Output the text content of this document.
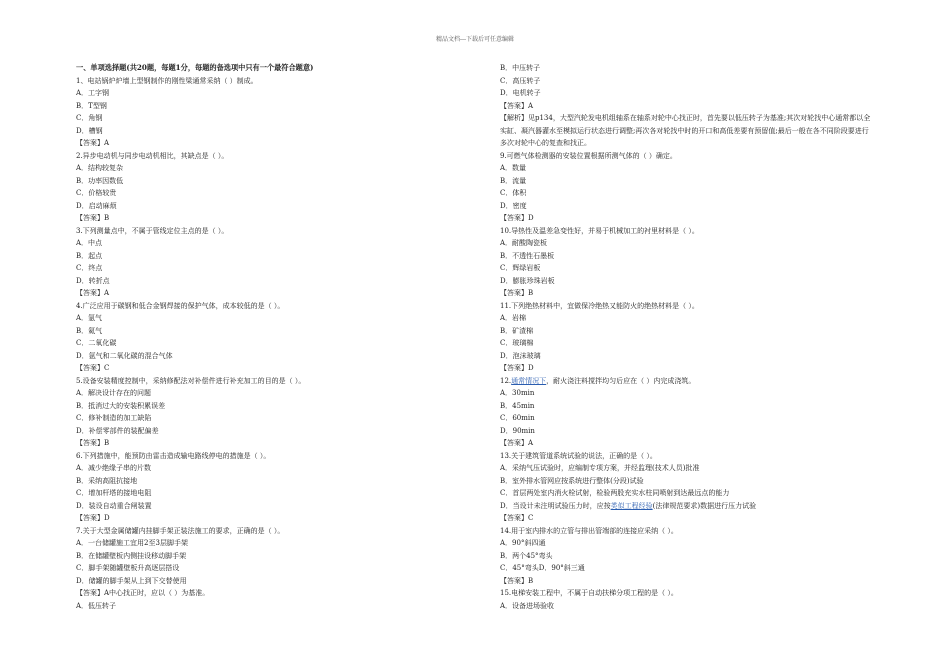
精品文档---下载后可任意编辑
一、单项选择题(共20题，每题1分，每题的备选项中只有一个最符合题意)
1、电站锅炉炉墙上型钢制作的刚性梁通常采纳（ ）制成。
A．工字钢
B．T型钢
C．角钢
D．槽钢
【答案】A
2.异步电动机与同步电动机相比，其缺点是（ ）。
A．结构较复杂
B．功率因数低
C．价格较贵
D．启动麻烦
【答案】B
3.下列测量点中，不属于管线定位主点的是（ ）。
A．中点
B．起点
C．终点
D．转折点
【答案】A
4.广泛应用于碳钢和低合金钢焊接的保护气体，成本较低的是（ ）。
A．氩气
B．氦气
C．二氧化碳
D．氩气和二氧化碳的混合气体
【答案】C
5.设备安装精度控制中，采纳修配法对补偿件进行补充加工的目的是（ ）。
A．解决设计存在的问题
B．抵消过大的安装积累误差
C．修补制造的加工缺陷
D．补偿零部件的装配偏差
【答案】B
6.下列措施中，能预防由雷击造成输电路线停电的措施是（ ）。
A．减少绝缘子串的片数
B．采纳高阻抗接地
C．增加杆塔的接地电阻
D．装设自动重合闸装置
【答案】D
7.关于大型金属储罐内挂脚手架正装法施工的要求，正确的是（ ）。
A．一台储罐施工宜用2至3层脚手架
B．在储罐壁板内侧挂设移动脚手架
C．脚手架随罐壁板升高逐层搭设
D．储罐的脚手架从上到下交替使用
【答案】A中心找正时，应以（ ）为基准。
A．低压转子
B．中压转子
C．高压转子
D．电机转子
【答案】A
【解析】见p134，大型汽轮发电机组轴系在轴系对轮中心找正时，首先要以低压转子为基准;其次对轮找中心通常都以全实缸、凝汽器灌水至模拟运行状态进行调整;再次各对轮找中时的开口和高低差要有预留值;最后一般在各不同阶段要进行多次对轮中心的复查和找正。
9.可燃气体检测器的安装位置根据所测气体的（ ）确定。
A．数量
B．流量
C．体积
D．密度
【答案】D
10.导热性及温差急变性好，并易于机械加工的衬里材料是（ ）。
A．耐酸陶瓷板
B．不透性石墨板
C．辉绿岩板
D．膨胀珍珠岩板
【答案】B
11.下列绝热材料中，宜做保冷绝热又能防火的绝热材料是（ ）。
A．岩棉
B．矿渣棉
C．玻璃棉
D．泡沫玻璃
【答案】D
12.通常情况下，耐火浇注料搅拌均匀后应在（ ）内完成浇筑。
A．30min
B．45min
C．60min
D．90min
【答案】A
13.关于建筑管道系统试验的说法，正确的是（ ）。
A．采纳气压试验时，应编制专项方案，并经监理(技术人员)批准
B．室外排水管网应按系统进行整体(分段)试验
C．首层两处室内消火栓试射，检验两股充实水柱同喷射到达最远点的能力
D．当设计未注明试验压力时，应按类似工程经验(法律规范要求)数据进行压力试验
【答案】C
14.用于室内排水的立管与排出管端部的连接应采纳（ ）。
A．90°斜四通
B．两个45°弯头
C．45°弯头D．90°斜三通
【答案】B
15.电梯安装工程中，不属于自动扶梯分项工程的是（ ）。
A．设备进场验收
